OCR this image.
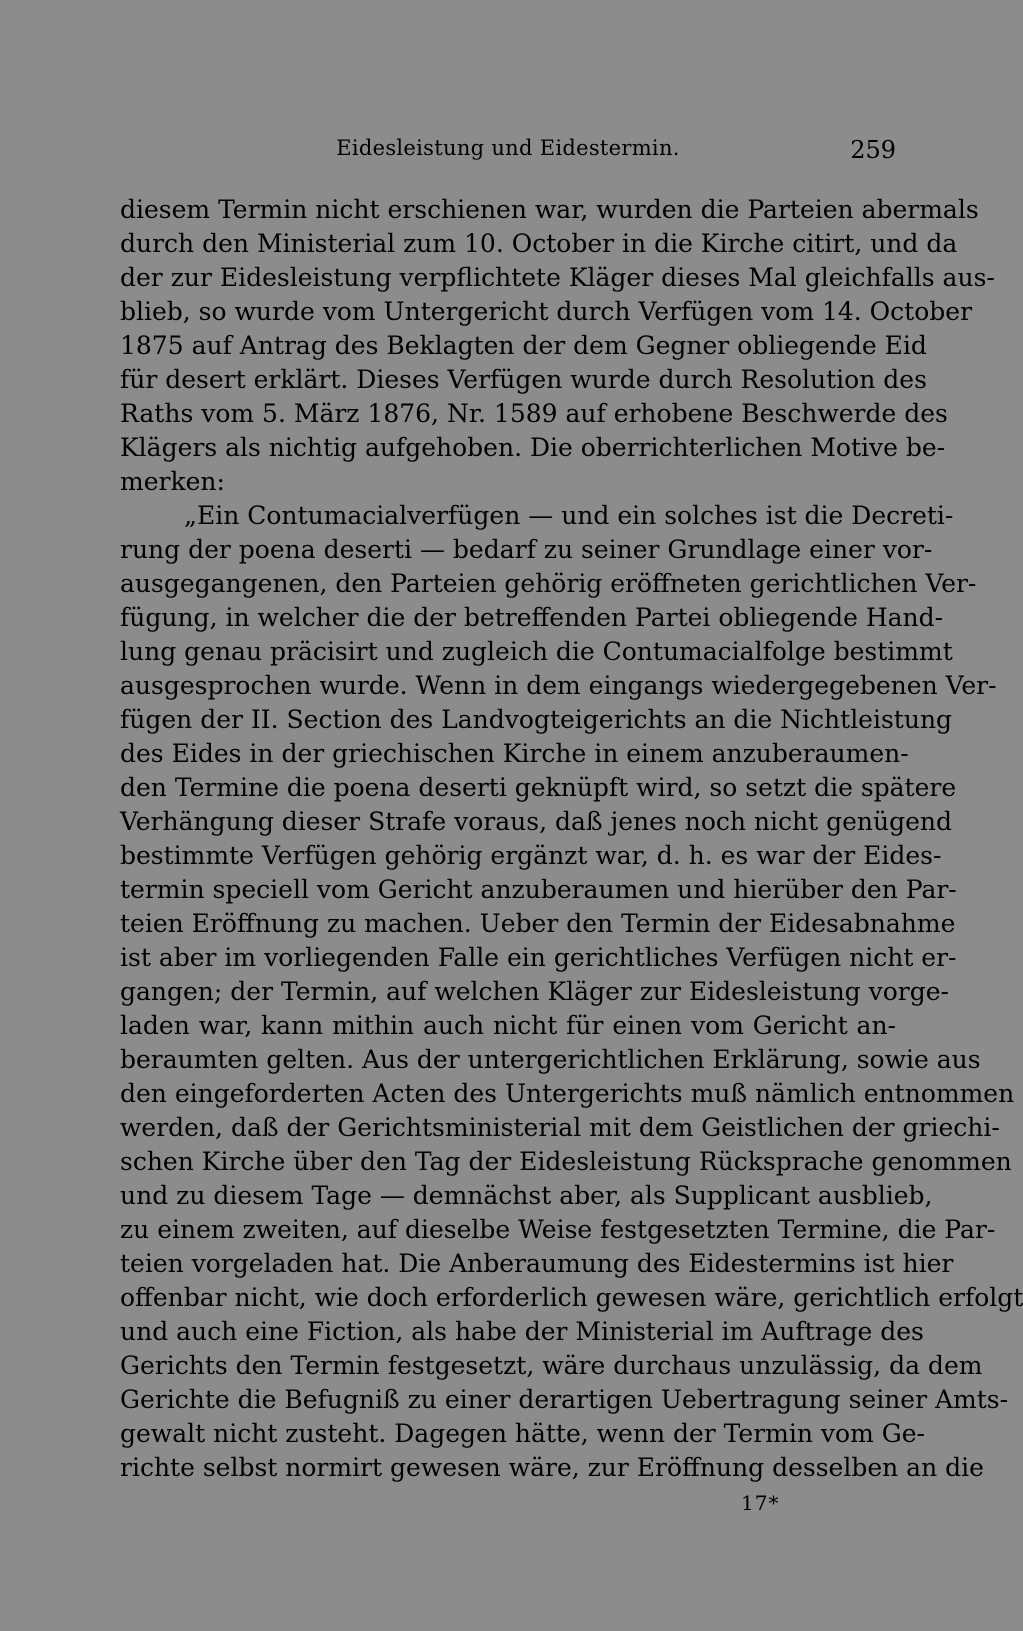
Eidesleistung und Eidestermin.	259
diesem Termin nicht erschienen war, wurden die Parteien abermals
durch den Ministerial zum 10. October in die Kirche citirt, und da
der zur Eidesleistung verpflichtete Kläger dieses Mal gleichfalls aus-
blieb, so wurde vom Untergericht durch Verfügen vom 14. October
1875 auf Antrag des Beklagten der dem Gegner obliegende Eid
für desert erklärt. Dieses Verfügen wurde durch Resolution des
Raths vom 5. März 1876, Nr. 1589 auf erhobene Beschwerde des
Klägers als nichtig aufgehoben. Die oberrichterlichen Motive be-
merken:
„Ein Contumacialverfügen — und ein solches ist die Decreti-
rung der poena deserti — bedarf zu seiner Grundlage einer vor-
ausgegangenen, den Parteien gehörig eröffneten gerichtlichen Ver-
fügung, in welcher die der betreffenden Partei obliegende Hand-
lung genau präcisirt und zugleich die Contumacialfolge bestimmt
ausgesprochen wurde. Wenn in dem eingangs wiedergegebenen Ver-
fügen der II. Section des Landvogteigerichts an die Nichtleistung
des Eides in der griechischen Kirche in einem anzuberaumen-
den Termine die poena deserti geknüpft wird, so setzt die spätere
Verhängung dieser Strafe voraus, daß jenes noch nicht genügend
bestimmte Verfügen gehörig ergänzt war, d. h. es war der Eides-
termin speciell vom Gericht anzuberaumen und hierüber den Par-
teien Eröffnung zu machen. Ueber den Termin der Eidesabnahme
ist aber im vorliegenden Falle ein gerichtliches Verfügen nicht er-
gangen; der Termin, auf welchen Kläger zur Eidesleistung vorge-
laden war, kann mithin auch nicht für einen vom Gericht an-
beraumten gelten. Aus der untergerichtlichen Erklärung, sowie aus
den eingeforderten Acten des Untergerichts muß nämlich entnommen
werden, daß der Gerichtsministerial mit dem Geistlichen der griechi-
schen Kirche über den Tag der Eidesleistung Rücksprache genommen
und zu diesem Tage — demnächst aber, als Supplicant ausblieb,
zu einem zweiten, auf dieselbe Weise festgesetzten Termine, die Par-
teien vorgeladen hat. Die Anberaumung des Eidestermins ist hier
offenbar nicht, wie doch erforderlich gewesen wäre, gerichtlich erfolgt
und auch eine Fiction, als habe der Ministerial im Auftrage des
Gerichts den Termin festgesetzt, wäre durchaus unzulässig, da dem
Gerichte die Befugniß zu einer derartigen Uebertragung seiner Amts-
gewalt nicht zusteht. Dagegen hätte, wenn der Termin vom Ge-
richte selbst normirt gewesen wäre, zur Eröffnung desselben an die
17*
